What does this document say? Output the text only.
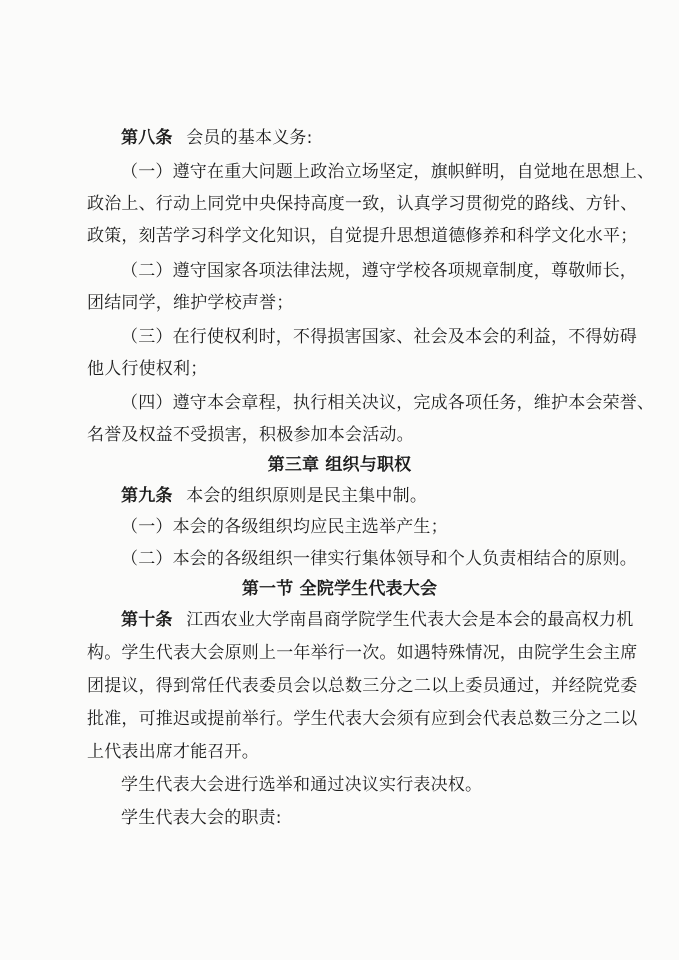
第八条 会员的基本义务:
（一）遵守在重大问题上政治立场坚定，旗帜鲜明，自觉地在思想上、
政治上、行动上同党中央保持高度一致，认真学习贯彻党的路线、方针、
政策，刻苦学习科学文化知识，自觉提升思想道德修养和科学文化水平；
（二）遵守国家各项法律法规，遵守学校各项规章制度，尊敬师长，
团结同学，维护学校声誉；
（三）在行使权利时，不得损害国家、社会及本会的利益，不得妨碍
他人行使权利；
（四）遵守本会章程，执行相关决议，完成各项任务，维护本会荣誉、
名誉及权益不受损害，积极参加本会活动。
第三章 组织与职权
第九条 本会的组织原则是民主集中制。
（一）本会的各级组织均应民主选举产生；
（二）本会的各级组织一律实行集体领导和个人负责相结合的原则。
第一节 全院学生代表大会
第十条 江西农业大学南昌商学院学生代表大会是本会的最高权力机
构。学生代表大会原则上一年举行一次。如遇特殊情况，由院学生会主席
团提议，得到常任代表委员会以总数三分之二以上委员通过，并经院党委
批准，可推迟或提前举行。学生代表大会须有应到会代表总数三分之二以
上代表出席才能召开。
学生代表大会进行选举和通过决议实行表决权。
学生代表大会的职责:
